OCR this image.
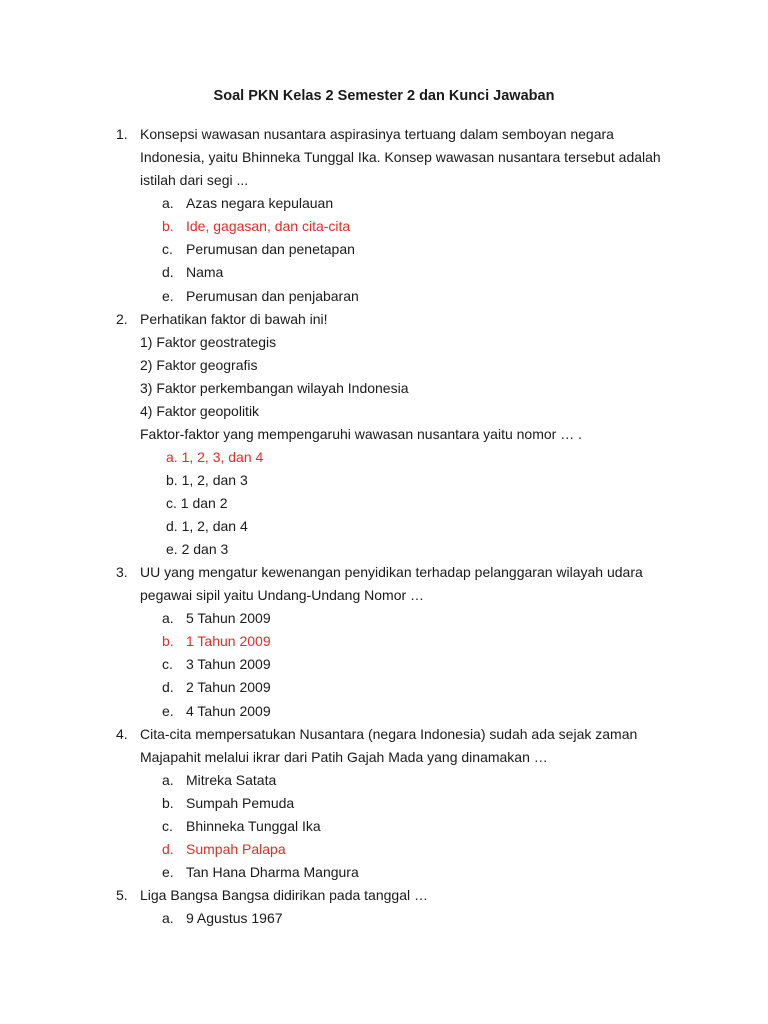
Soal PKN Kelas 2 Semester 2 dan Kunci Jawaban
1. Konsepsi wawasan nusantara aspirasinya tertuang dalam semboyan negara
Indonesia, yaitu Bhinneka Tunggal Ika. Konsep wawasan nusantara tersebut adalah
istilah dari segi ...
a. Azas negara kepulauan
b. Ide, gagasan, dan cita-cita
c. Perumusan dan penetapan
d. Nama
e. Perumusan dan penjabaran
2. Perhatikan faktor di bawah ini!
1) Faktor geostrategis
2) Faktor geografis
3) Faktor perkembangan wilayah Indonesia
4) Faktor geopolitik
Faktor-faktor yang mempengaruhi wawasan nusantara yaitu nomor … .
a. 1, 2, 3, dan 4
b. 1, 2, dan 3
c. 1 dan 2
d. 1, 2, dan 4
e. 2 dan 3
3. UU yang mengatur kewenangan penyidikan terhadap pelanggaran wilayah udara
pegawai sipil yaitu Undang-Undang Nomor …
a. 5 Tahun 2009
b. 1 Tahun 2009
c. 3 Tahun 2009
d. 2 Tahun 2009
e. 4 Tahun 2009
4. Cita-cita mempersatukan Nusantara (negara Indonesia) sudah ada sejak zaman
Majapahit melalui ikrar dari Patih Gajah Mada yang dinamakan …
a. Mitreka Satata
b. Sumpah Pemuda
c. Bhinneka Tunggal Ika
d. Sumpah Palapa
e. Tan Hana Dharma Mangura
5. Liga Bangsa Bangsa didirikan pada tanggal …
a. 9 Agustus 1967
